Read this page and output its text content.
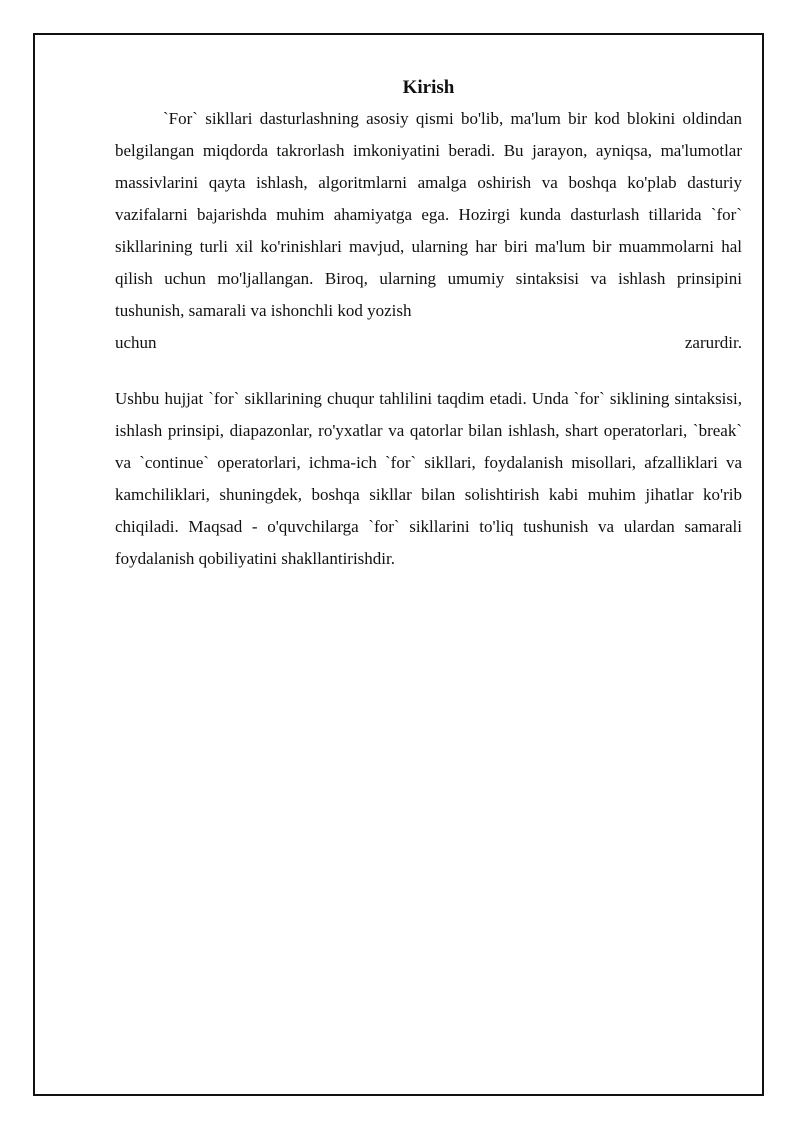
Kirish

`For` sikllari dasturlashning asosiy qismi bo'lib, ma'lum bir kod blokini oldindan belgilangan miqdorda takrorlash imkoniyatini beradi. Bu jarayon, ayniqsa, ma'lumotlar massivlarini qayta ishlash, algoritmlarni amalga oshirish va boshqa ko'plab dasturiy vazifalarni bajarishda muhim ahamiyatga ega. Hozirgi kunda dasturlash tillarida `for` sikllarining turli xil ko'rinishlari mavjud, ularning har biri ma'lum bir muammolarni hal qilish uchun mo'ljallangan. Biroq, ularning umumiy sintaksisi va ishlash prinsipini tushunish, samarali va ishonchli kod yozish

uchun zarurdir.

Ushbu hujjat `for` sikllarining chuqur tahlilini taqdim etadi. Unda `for` siklining sintaksisi, ishlash prinsipi, diapazonlar, ro'yxatlar va qatorlar bilan ishlash, shart operatorlari, `break` va `continue` operatorlari, ichma-ich `for` sikllari, foydalanish misollari, afzalliklari va kamchiliklari, shuningdek, boshqa sikllar bilan solishtirish kabi muhim jihatlar ko'rib chiqiladi. Maqsad - o'quvchilarga `for` sikllarini to'liq tushunish va ulardan samarali foydalanish qobiliyatini shakllantirishdir.
